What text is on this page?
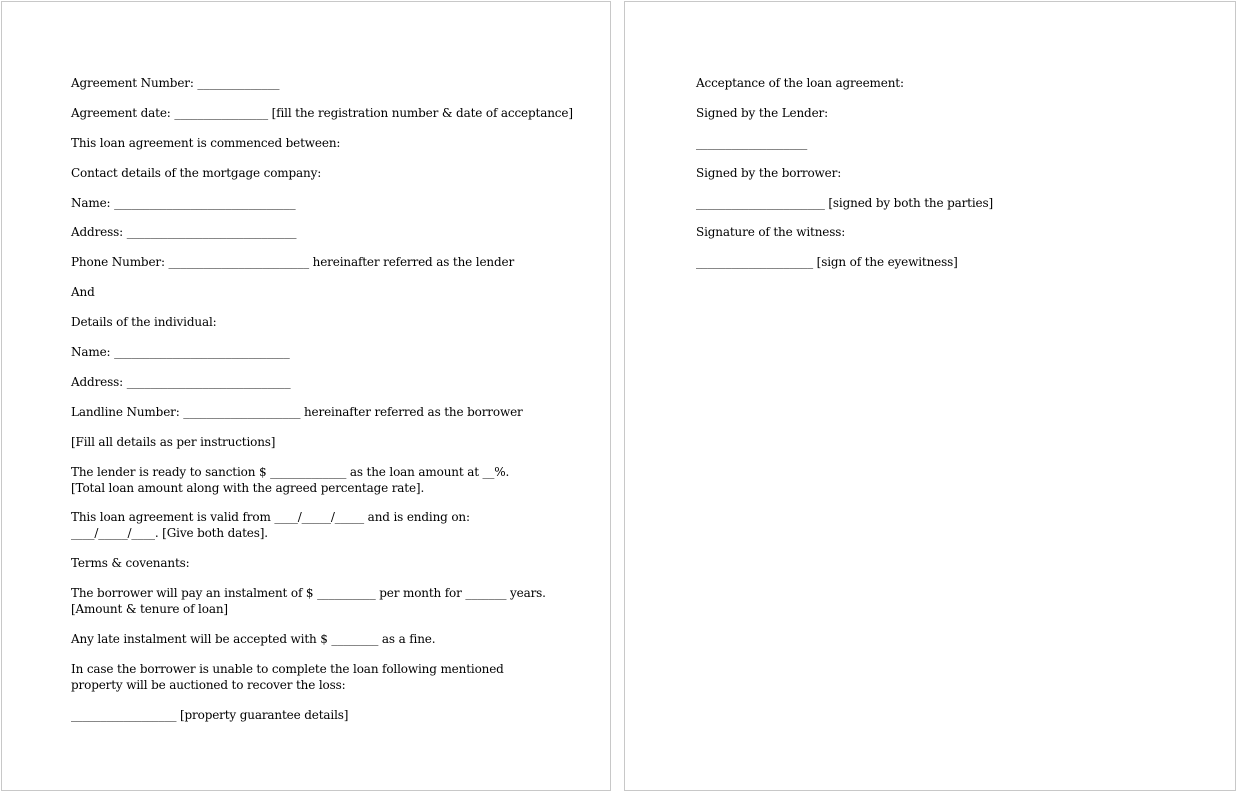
Agreement Number: ______________
Agreement date: ________________ [fill the registration number & date of acceptance]
This loan agreement is commenced between:
Contact details of the mortgage company:
Name: _______________________________
Address: _____________________________
Phone Number: ________________________ hereinafter referred as the lender
And
Details of the individual:
Name: ______________________________
Address: ____________________________
Landline Number: ____________________ hereinafter referred as the borrower
[Fill all details as per instructions]
The lender is ready to sanction $ _____________ as the loan amount at __%. [Total loan amount along with the agreed percentage rate].
This loan agreement is valid from ____/_____/_____ and is ending on: ____/_____/____. [Give both dates].
Terms & covenants:
The borrower will pay an instalment of $ __________ per month for _______ years. [Amount & tenure of loan]
Any late instalment will be accepted with $ ________ as a fine.
In case the borrower is unable to complete the loan following mentioned property will be auctioned to recover the loss:
__________________ [property guarantee details]
Acceptance of the loan agreement:
Signed by the Lender:
___________________
Signed by the borrower:
______________________ [signed by both the parties]
Signature of the witness:
____________________ [sign of the eyewitness]
